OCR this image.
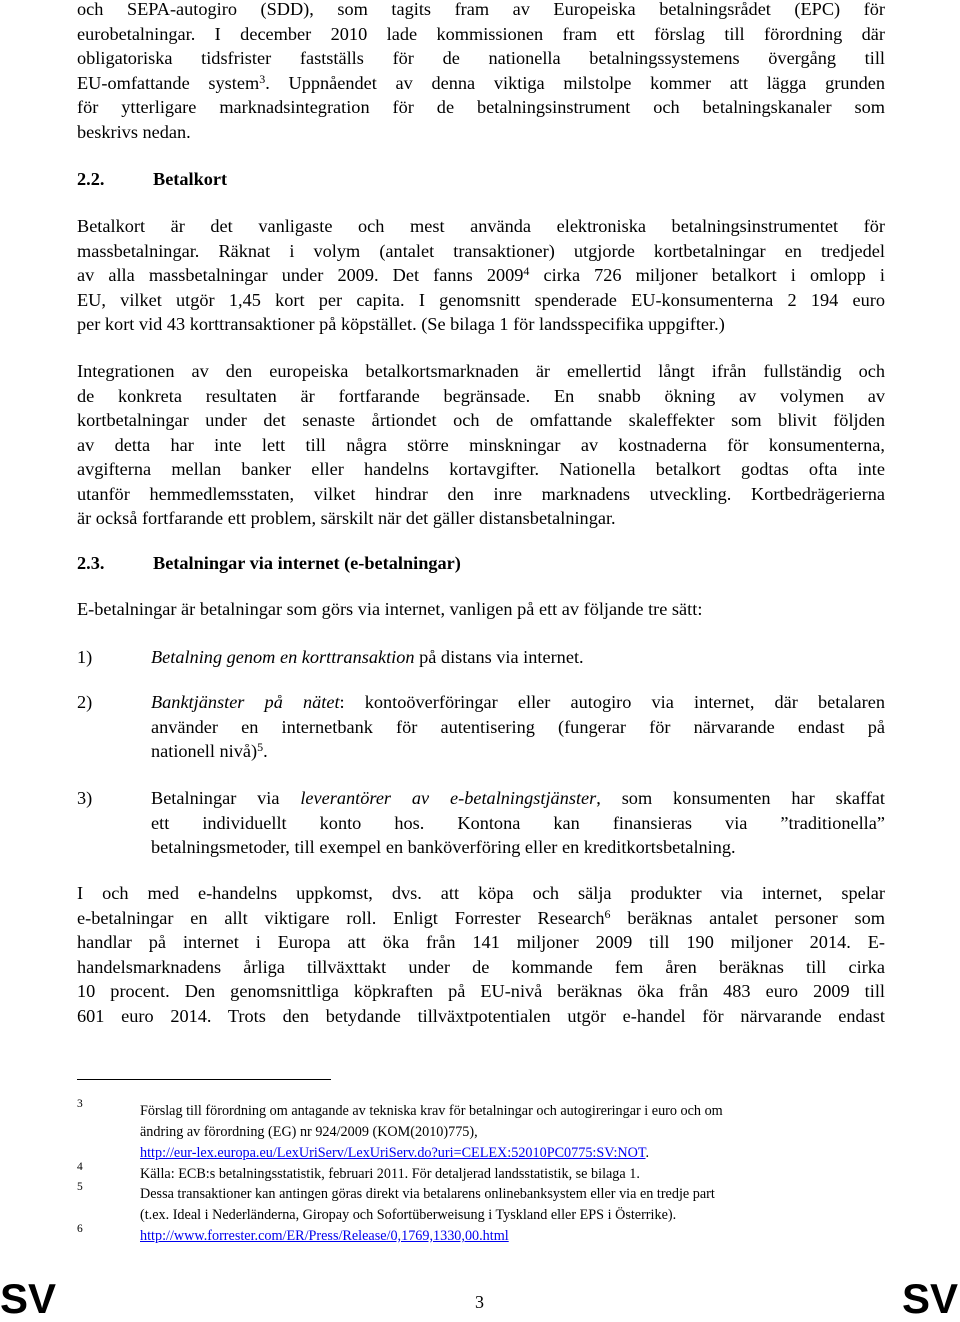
och SEPA-autogiro (SDD), som tagits fram av Europeiska betalningsrådet (EPC) för
eurobetalningar. I december 2010 lade kommissionen fram ett förslag till förordning där
obligatoriska tidsfrister fastställs för de nationella betalningssystemens övergång till
EU-omfattande system$^3$. Uppnåendet av denna viktiga milstolpe kommer att lägga grunden
för ytterligare marknadsintegration för de betalningsinstrument och betalningskanaler som
beskrivs nedan.
2.2.	Betalkort
Betalkort är det vanligaste och mest använda elektroniska betalningsinstrumentet för
massbetalningar. Räknat i volym (antalet transaktioner) utgjorde kortbetalningar en tredjedel
av alla massbetalningar under 2009. Det fanns 2009$^4$ cirka 726 miljoner betalkort i omlopp i
EU, vilket utgör 1,45 kort per capita. I genomsnitt spenderade EU-konsumenterna 2 194 euro
per kort vid 43 korttransaktioner på köpstället. (Se bilaga 1 för landsspecifika uppgifter.)
Integrationen av den europeiska betalkortsmarknaden är emellertid långt ifrån fullständig och
de konkreta resultaten är fortfarande begränsade. En snabb ökning av volymen av
kortbetalningar under det senaste årtiondet och de omfattande skaleffekter som blivit följden
av detta har inte lett till några större minskningar av kostnaderna för konsumenterna,
avgifterna mellan banker eller handelns kortavgifter. Nationella betalkort godtas ofta inte
utanför hemmedlemsstaten, vilket hindrar den inre marknadens utveckling. Kortbedrägerierna
är också fortfarande ett problem, särskilt när det gäller distansbetalningar.
2.3.	Betalningar via internet (e-betalningar)
E-betalningar är betalningar som görs via internet, vanligen på ett av följande tre sätt:
1)	Betalning genom en korttransaktion på distans via internet.
2)	Banktjänster på nätet: kontoöverföringar eller autogiro via internet, där betalaren
använder en internetbank för autentisering (fungerar för närvarande endast på
nationell nivå)$^5$.
3)	Betalningar via leverantörer av e-betalningstjänster, som konsumenten har skaffat
ett individuellt konto hos. Kontona kan finansieras via ”traditionella”
betalningsmetoder, till exempel en banköverföring eller en kreditkortsbetalning.
I och med e-handelns uppkomst, dvs. att köpa och sälja produkter via internet, spelar
e-betalningar en allt viktigare roll. Enligt Forrester Research$^6$ beräknas antalet personer som
handlar på internet i Europa att öka från 141 miljoner 2009 till 190 miljoner 2014. E-
handelsmarknadens årliga tillväxttakt under de kommande fem åren beräknas till cirka
10 procent. Den genomsnittliga köpkraften på EU-nivå beräknas öka från 483 euro 2009 till
601 euro 2014. Trots den betydande tillväxtpotentialen utgör e-handel för närvarande endast
3	Förslag till förordning om antagande av tekniska krav för betalningar och autogireringar i euro och om
ändring av förordning (EG) nr 924/2009 (KOM(2010)775),
http://eur-lex.europa.eu/LexUriServ/LexUriServ.do?uri=CELEX:52010PC0775:SV:NOT.
4	Källa: ECB:s betalningsstatistik, februari 2011. För detaljerad landsstatistik, se bilaga 1.
5	Dessa transaktioner kan antingen göras direkt via betalarens onlinebanksystem eller via en tredje part
(t.ex. Ideal i Nederländerna, Giropay och Sofortüberweisung i Tyskland eller EPS i Österrike).
6	http://www.forrester.com/ER/Press/Release/0,1769,1330,00.html
SV	3	SV
